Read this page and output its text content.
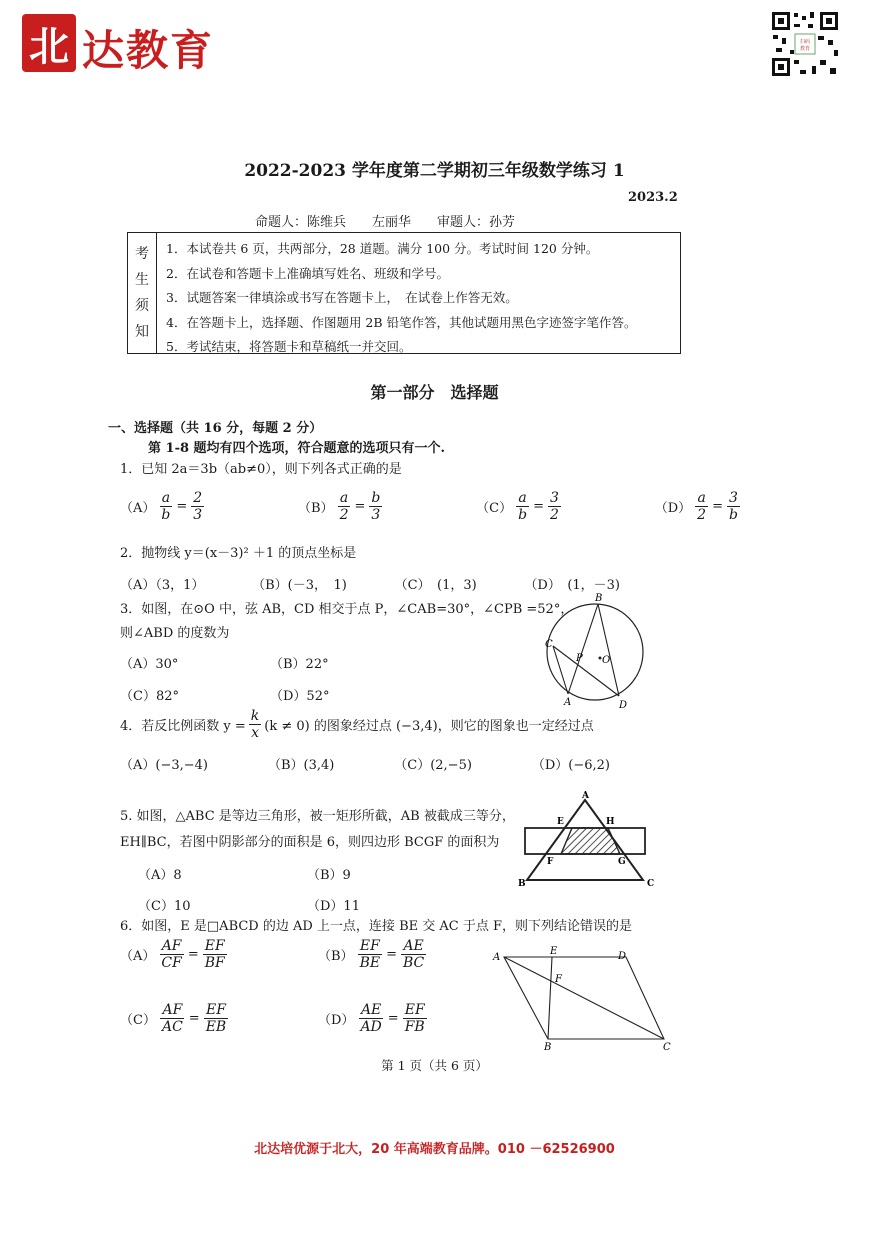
北 达教育	扫码
教育
2022-2023 学年度第二学期初三年级数学练习 1
2023.2
命题人：陈维兵　　左丽华　　审题人：孙芳
考
生
须
知
1．本试卷共 6 页，共两部分，28 道题。满分 100 分。考试时间 120 分钟。
2．在试卷和答题卡上准确填写姓名、班级和学号。
3．试题答案一律填涂或书写在答题卡上，　在试卷上作答无效。
4．在答题卡上，选择题、作图题用 2B 铅笔作答，其他试题用黑色字迹签字笔作答。
5．考试结束，将答题卡和草稿纸一并交回。
第一部分　选择题
一、选择题（共 16 分，每题 2 分）
第 1-8 题均有四个选项，符合题意的选项只有一个.
1．已知 2a＝3b（ab≠0），则下列各式正确的是
$(A) \frac{a}{b} = \frac{2}{3}$	$(B) \frac{a}{2} = \frac{b}{3}$	$(C) \frac{a}{b} = \frac{3}{2}$	$(D) \frac{a}{2} = \frac{3}{b}$
2．抛物线 y＝(x－3)² ＋1 的顶点坐标是
（A）（3，1）	（B）(－3，　1)	（C）　(1，3)	（D）　(1，－3)
3．如图，在⊙O 中，弦 AB，CD 相交于点 P，∠CAB=30°，∠CPB =52°，
则∠ABD 的度数为
（A）30°	（B）22°
（C）82°	（D）52°
B
C
P O
A	D
4．若反比例函数 $y = \frac{k}{x} (k \ne 0)$ 的图象经过点 (−3,4)，则它的图象也一定经过点
（A）(−3,−4)	（B）(3,4)	（C）(2,−5)	（D）(−6,2)
5. 如图，△ABC 是等边三角形，被一矩形所截，AB 被截成三等分，
EH∥BC，若图中阴影部分的面积是 6，则四边形 BCGF 的面积为
（A）8	（B）9
（C）10	（D）11
A
E	H
F	G
B	C
6．如图，E 是□ABCD 的边 AD 上一点，连接 BE 交 AC 于点 F，则下列结论错误的是
$(A) \frac{AF}{CF} = \frac{EF}{BF}$	$(B) \frac{EF}{BE} = \frac{AE}{BC}$
$(C) \frac{AF}{AC} = \frac{EF}{EB}$	$(D) \frac{AE}{AD} = \frac{EF}{FB}$
A
E	D
F
B	C
第 1 页（共 6 页）
北达培优源于北大，20 年高端教育品牌。010 －62526900
